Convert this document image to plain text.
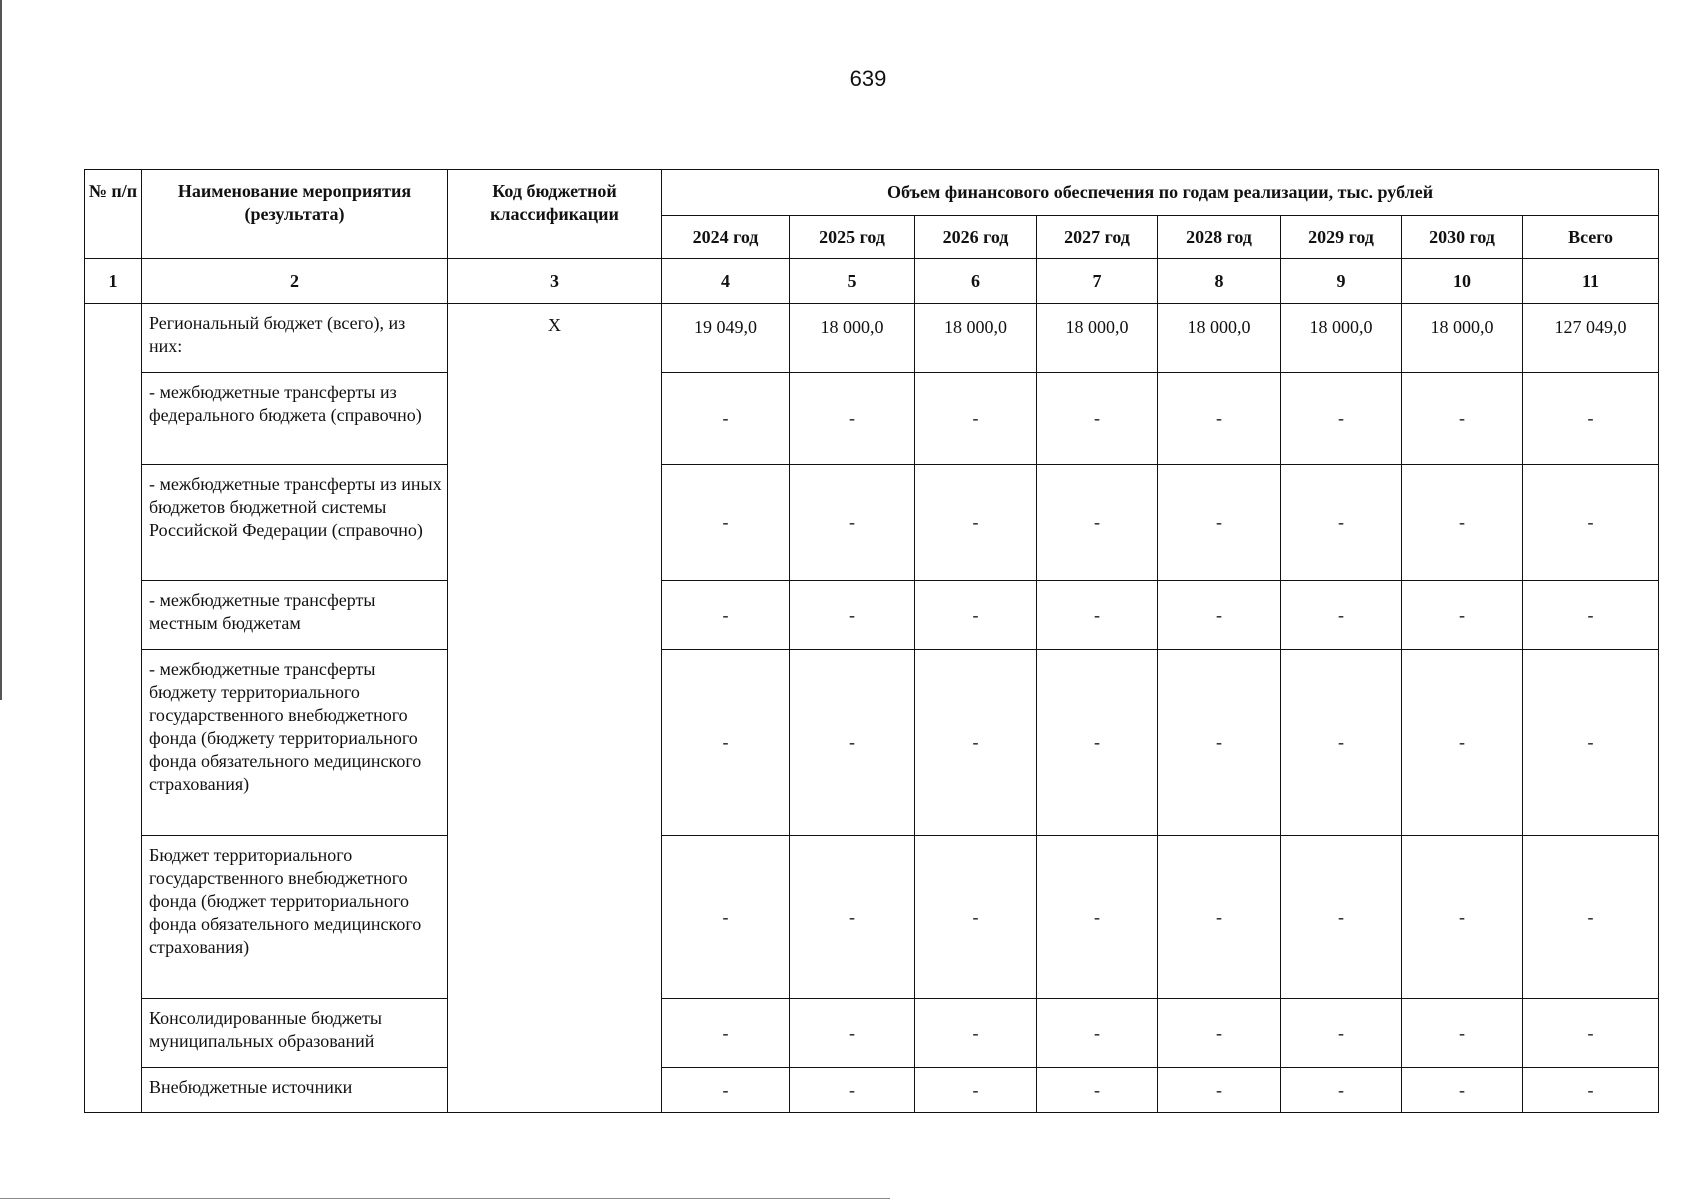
639
№ п/п	Наименование мероприятия (результата)	Код бюджетной классификации	Объем финансового обеспечения по годам реализации, тыс. рублей							
			2024 год	2025 год	2026 год	2027 год	2028 год	2029 год	2030 год	Всего
1	2	3	4	5	6	7	8	9	10	11
	Региональный бюджет (всего), из них:	Х	19 049,0	18 000,0	18 000,0	18 000,0	18 000,0	18 000,0	18 000,0	127 049,0
	- межбюджетные трансферты из федерального бюджета (справочно)		-	-	-	-	-	-	-	-
	- межбюджетные трансферты из иных бюджетов бюджетной системы Российской Федерации (справочно)		-	-	-	-	-	-	-	-
	- межбюджетные трансферты местным бюджетам		-	-	-	-	-	-	-	-
	- межбюджетные трансферты бюджету территориального государственного внебюджетного фонда (бюджету территориального фонда обязательного медицинского страхования)		-	-	-	-	-	-	-	-
	Бюджет территориального государственного внебюджетного фонда (бюджет территориального фонда обязательного медицинского страхования)		-	-	-	-	-	-	-	-
	Консолидированные бюджеты муниципальных образований		-	-	-	-	-	-	-	-
	Внебюджетные источники		-	-	-	-	-	-	-	-
